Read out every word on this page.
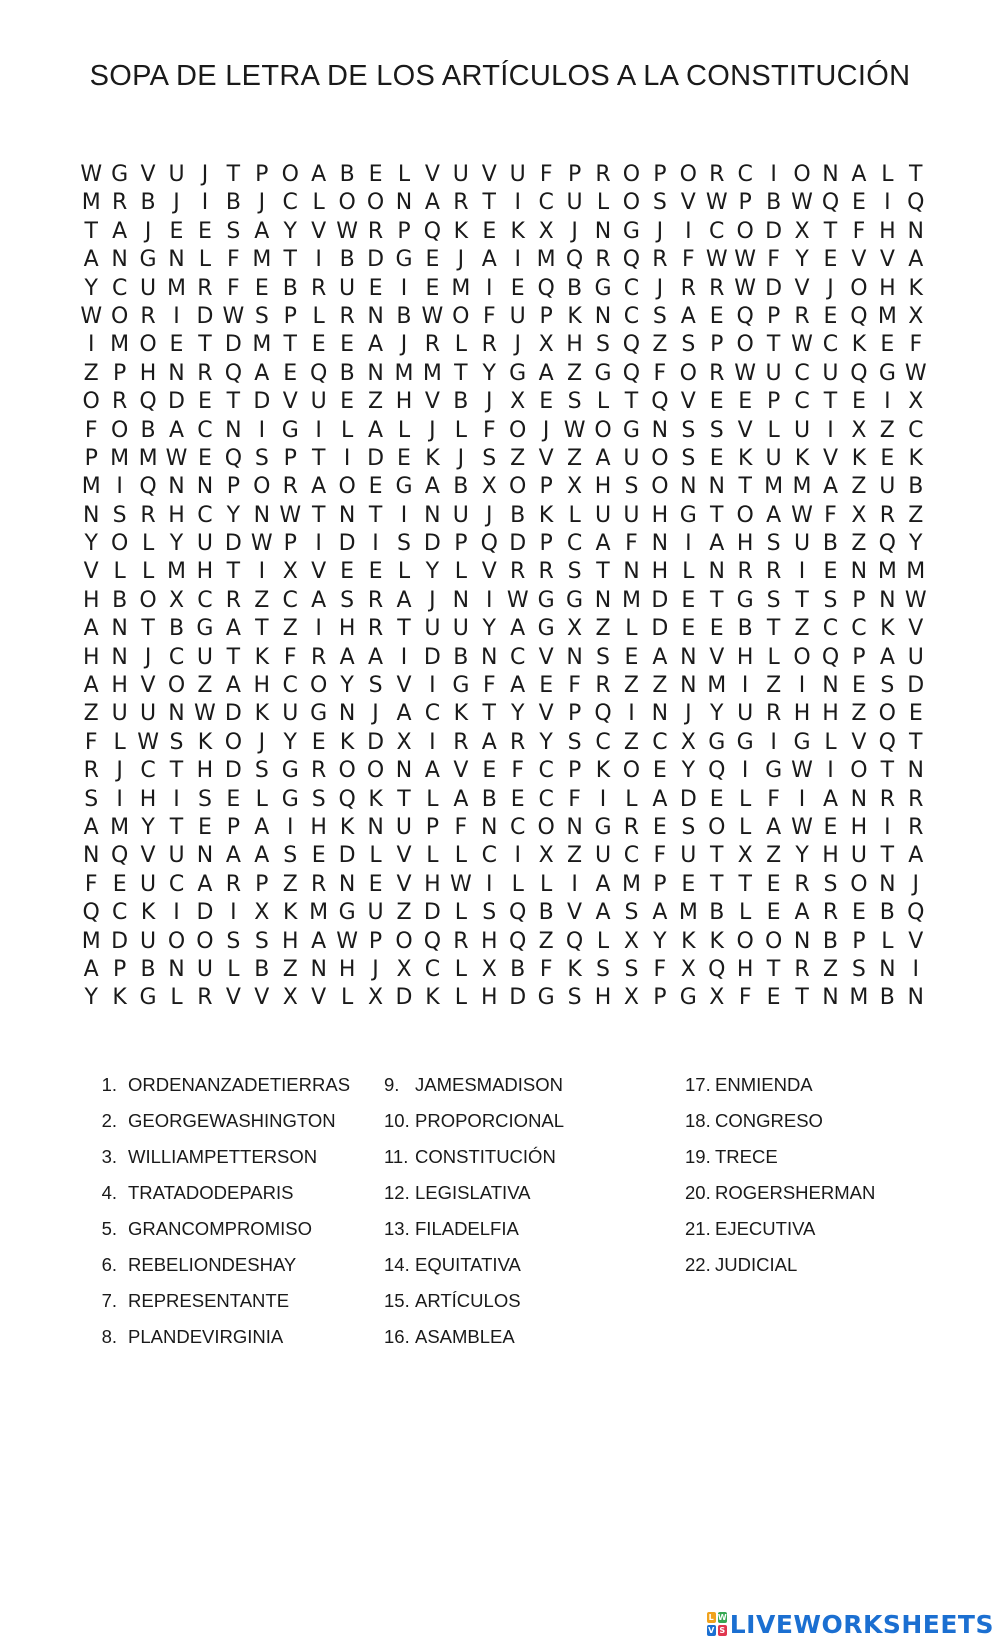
SOPA DE LETRA DE LOS ARTÍCULOS A LA CONSTITUCIÓN
W G V U J T P O A B E L V U V U F P R O P O R C I O N A L T
M R B J I B J C L O O N A R T I C U L O S V W P B W Q E I Q
T A J E E S A Y V W R P Q K E K X J N G J I C O D X T F H N
A N G N L F M T I B D G E J A I M Q R Q R F W W F Y E V V A
Y C U M R F E B R U E I E M I E Q B G C J R R W D V J O H K
W O R I D W S P L R N B W O F U P K N C S A E Q P R E Q M X
I M O E T D M T E E A J R L R J X H S Q Z S P O T W C K E F
Z P H N R Q A E Q B N M M T Y G A Z G Q F O R W U C U Q G W
O R Q D E T D V U E Z H V B J X E S L T Q V E E P C T E I X
F O B A C N I G I L A L J L F O J W O G N S S V L U I X Z C
P M M W E Q S P T I D E K J S Z V Z A U O S E K U K V K E K
M I Q N N P O R A O E G A B X O P X H S O N N T M M A Z U B
N S R H C Y N W T N T I N U J B K L U U H G T O A W F X R Z
Y O L Y U D W P I D I S D P Q D P C A F N I A H S U B Z Q Y
V L L M H T I X V E E L Y L V R R S T N H L N R R I E N M M
H B O X C R Z C A S R A J N I W G G N M D E T G S T S P N W
A N T B G A T Z I H R T U U Y A G X Z L D E E B T Z C C K V
H N J C U T K F R A A I D B N C V N S E A N V H L O Q P A U
A H V O Z A H C O Y S V I G F A E F R Z Z N M I Z I N E S D
Z U U N W D K U G N J A C K T Y V P Q I N J Y U R H H Z O E
F L W S K O J Y E K D X I R A R Y S C Z C X G G I G L V Q T
R J C T H D S G R O O N A V E F C P K O E Y Q I G W I O T N
S I H I S E L G S Q K T L A B E C F I L A D E L F I A N R R
A M Y T E P A I H K N U P F N C O N G R E S O L A W E H I R
N Q V U N A A S E D L V L L C I X Z U C F U T X Z Y H U T A
F E U C A R P Z R N E V H W I L L I A M P E T T E R S O N J
Q C K I D I X K M G U Z D L S Q B V A S A M B L E A R E B Q
M D U O O S S H A W P O Q R H Q Z Q L X Y K K O O N B P L V
A P B N U L B Z N H J X C L X B F K S S F X Q H T R Z S N I
Y K G L R V V X V L X D K L H D G S H X P G X F E T N M B N
1. ORDENANZADETIERRAS
2. GEORGEWASHINGTON
3. WILLIAMPETTERSON
4. TRATADODEPARIS
5. GRANCOMPROMISO
6. REBELIONDESHAY
7. REPRESENTANTE
8. PLANDEVIRGINIA
9. JAMESMADISON
10. PROPORCIONAL
11. CONSTITUCIÓN
12. LEGISLATIVA
13. FILADELFIA
14. EQUITATIVA
15. ARTÍCULOS
16. ASAMBLEA
17. ENMIENDA
18. CONGRESO
19. TRECE
20. ROGERSHERMAN
21. EJECUTIVA
22. JUDICIAL
L W
V S LIVEWORKSHEETS
